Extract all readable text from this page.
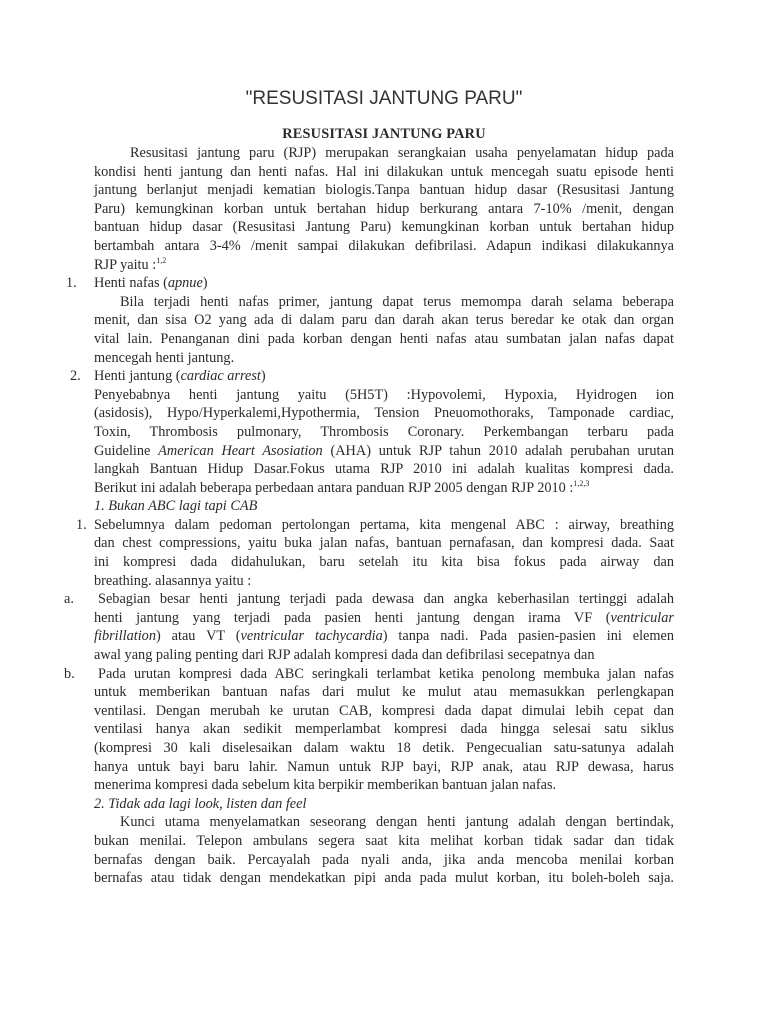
"RESUSITASI JANTUNG PARU"
RESUSITASI JANTUNG PARU
Resusitasi jantung paru (RJP) merupakan serangkaian usaha penyelamatan hidup pada
kondisi henti jantung dan henti nafas. Hal ini dilakukan untuk mencegah suatu episode henti
jantung berlanjut menjadi kematian biologis.Tanpa bantuan hidup dasar (Resusitasi Jantung
Paru) kemungkinan korban untuk bertahan hidup berkurang antara 7-10% /menit, dengan
bantuan hidup dasar (Resusitasi Jantung Paru) kemungkinan korban untuk bertahan hidup
bertambah antara 3-4% /menit sampai dilakukan defibrilasi. Adapun indikasi dilakukannya
RJP yaitu :$^{1,2}$
1. Henti nafas (apnue)
Bila terjadi henti nafas primer, jantung dapat terus memompa darah selama beberapa
menit, dan sisa O2 yang ada di dalam paru dan darah akan terus beredar ke otak dan organ
vital lain. Penanganan dini pada korban dengan henti nafas atau sumbatan jalan nafas dapat
mencegah henti jantung.
2. Henti jantung (cardiac arrest)
Penyebabnya henti jantung yaitu (5H5T) :Hypovolemi, Hypoxia, Hyidrogen ion
(asidosis), Hypo/Hyperkalemi,Hypothermia, Tension Pneuomothoraks, Tamponade cardiac,
Toxin, Thrombosis pulmonary, Thrombosis Coronary. Perkembangan terbaru pada
Guideline American Heart Asosiation (AHA) untuk RJP tahun 2010 adalah perubahan urutan
langkah Bantuan Hidup Dasar.Fokus utama RJP 2010 ini adalah kualitas kompresi dada.
Berikut ini adalah beberapa perbedaan antara panduan RJP 2005 dengan RJP 2010 :$^{1,2,3}$
1. Bukan ABC lagi tapi CAB
1. Sebelumnya dalam pedoman pertolongan pertama, kita mengenal ABC : airway, breathing
dan chest compressions, yaitu buka jalan nafas, bantuan pernafasan, dan kompresi dada. Saat
ini kompresi dada didahulukan, baru setelah itu kita bisa fokus pada airway dan
breathing. alasannya yaitu :
a. Sebagian besar henti jantung terjadi pada dewasa dan angka keberhasilan tertinggi adalah
henti jantung yang terjadi pada pasien henti jantung dengan irama VF (ventricular
fibrillation) atau VT (ventricular tachycardia) tanpa nadi. Pada pasien-pasien ini elemen
awal yang paling penting dari RJP adalah kompresi dada dan defibrilasi secepatnya dan
b. Pada urutan kompresi dada ABC seringkali terlambat ketika penolong membuka jalan nafas
untuk memberikan bantuan nafas dari mulut ke mulut atau memasukkan perlengkapan
ventilasi. Dengan merubah ke urutan CAB, kompresi dada dapat dimulai lebih cepat dan
ventilasi hanya akan sedikit memperlambat kompresi dada hingga selesai satu siklus
(kompresi 30 kali diselesaikan dalam waktu 18 detik. Pengecualian satu-satunya adalah
hanya untuk bayi baru lahir. Namun untuk RJP bayi, RJP anak, atau RJP dewasa, harus
menerima kompresi dada sebelum kita berpikir memberikan bantuan jalan nafas.
2. Tidak ada lagi look, listen dan feel
Kunci utama menyelamatkan seseorang dengan henti jantung adalah dengan bertindak,
bukan menilai. Telepon ambulans segera saat kita melihat korban tidak sadar dan tidak
bernafas dengan baik. Percayalah pada nyali anda, jika anda mencoba menilai korban
bernafas atau tidak dengan mendekatkan pipi anda pada mulut korban, itu boleh-boleh saja.
